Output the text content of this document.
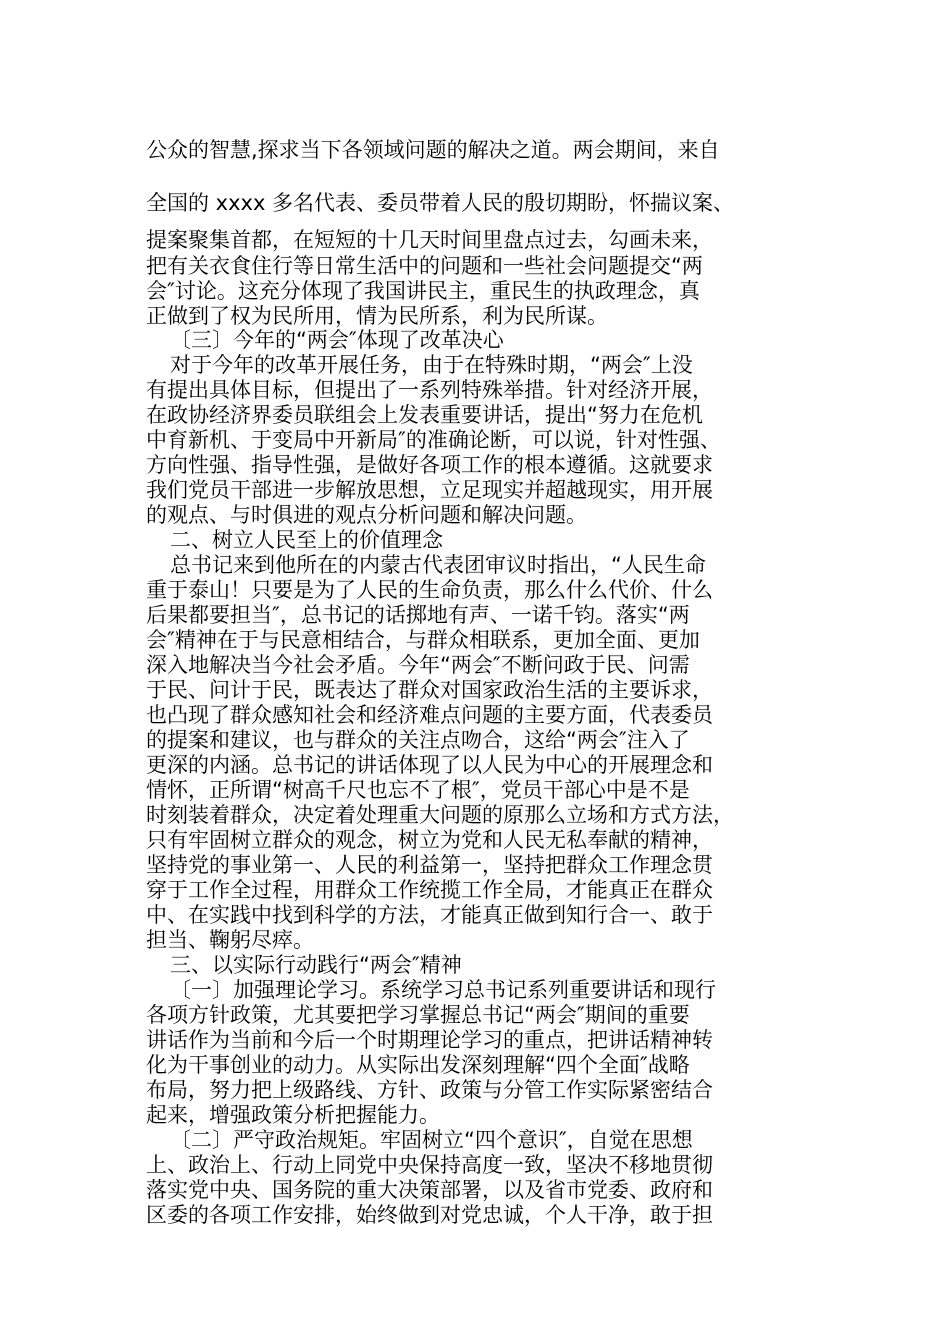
公众的智慧,探求当下各领域问题的解决之道。两会期间，来自
全国的 xxxx 多名代表、委员带着人民的殷切期盼，怀揣议案、
提案聚集首都，在短短的十几天时间里盘点过去，勾画未来，
把有关衣食住行等日常生活中的问题和一些社会问题提交“两
会″讨论。这充分体现了我国讲民主，重民生的执政理念，真
正做到了权为民所用，情为民所系，利为民所谋。
〔三〕今年的“两会″体现了改革决心
对于今年的改革开展任务，由于在特殊时期，“两会″上没
有提出具体目标，但提出了一系列特殊举措。针对经济开展，
在政协经济界委员联组会上发表重要讲话，提出“努力在危机
中育新机、于变局中开新局″的准确论断，可以说，针对性强、
方向性强、指导性强，是做好各项工作的根本遵循。这就要求
我们党员干部进一步解放思想，立足现实并超越现实，用开展
的观点、与时俱进的观点分析问题和解决问题。
二、树立人民至上的价值理念
总书记来到他所在的内蒙古代表团审议时指出，“人民生命
重于泰山！只要是为了人民的生命负责，那么什么代价、什么
后果都要担当″，总书记的话掷地有声、一诺千钧。落实“两
会″精神在于与民意相结合，与群众相联系，更加全面、更加
深入地解决当今社会矛盾。今年“两会″不断问政于民、问需
于民、问计于民，既表达了群众对国家政治生活的主要诉求，
也凸现了群众感知社会和经济难点问题的主要方面，代表委员
的提案和建议，也与群众的关注点吻合，这给“两会″注入了
更深的内涵。总书记的讲话体现了以人民为中心的开展理念和
情怀，正所谓“树高千尺也忘不了根″，党员干部心中是不是
时刻装着群众，决定着处理重大问题的原那么立场和方式方法，
只有牢固树立群众的观念，树立为党和人民无私奉献的精神，
坚持党的事业第一、人民的利益第一，坚持把群众工作理念贯
穿于工作全过程，用群众工作统揽工作全局，才能真正在群众
中、在实践中找到科学的方法，才能真正做到知行合一、敢于
担当、鞠躬尽瘁。
三、以实际行动践行“两会″精神
〔一〕加强理论学习。系统学习总书记系列重要讲话和现行
各项方针政策，尤其要把学习掌握总书记“两会″期间的重要
讲话作为当前和今后一个时期理论学习的重点，把讲话精神转
化为干事创业的动力。从实际出发深刻理解“四个全面″战略
布局，努力把上级路线、方针、政策与分管工作实际紧密结合
起来，增强政策分析把握能力。
〔二〕严守政治规矩。牢固树立“四个意识″，自觉在思想
上、政治上、行动上同党中央保持高度一致，坚决不移地贯彻
落实党中央、国务院的重大决策部署，以及省市党委、政府和
区委的各项工作安排，始终做到对党忠诚，个人干净，敢于担
